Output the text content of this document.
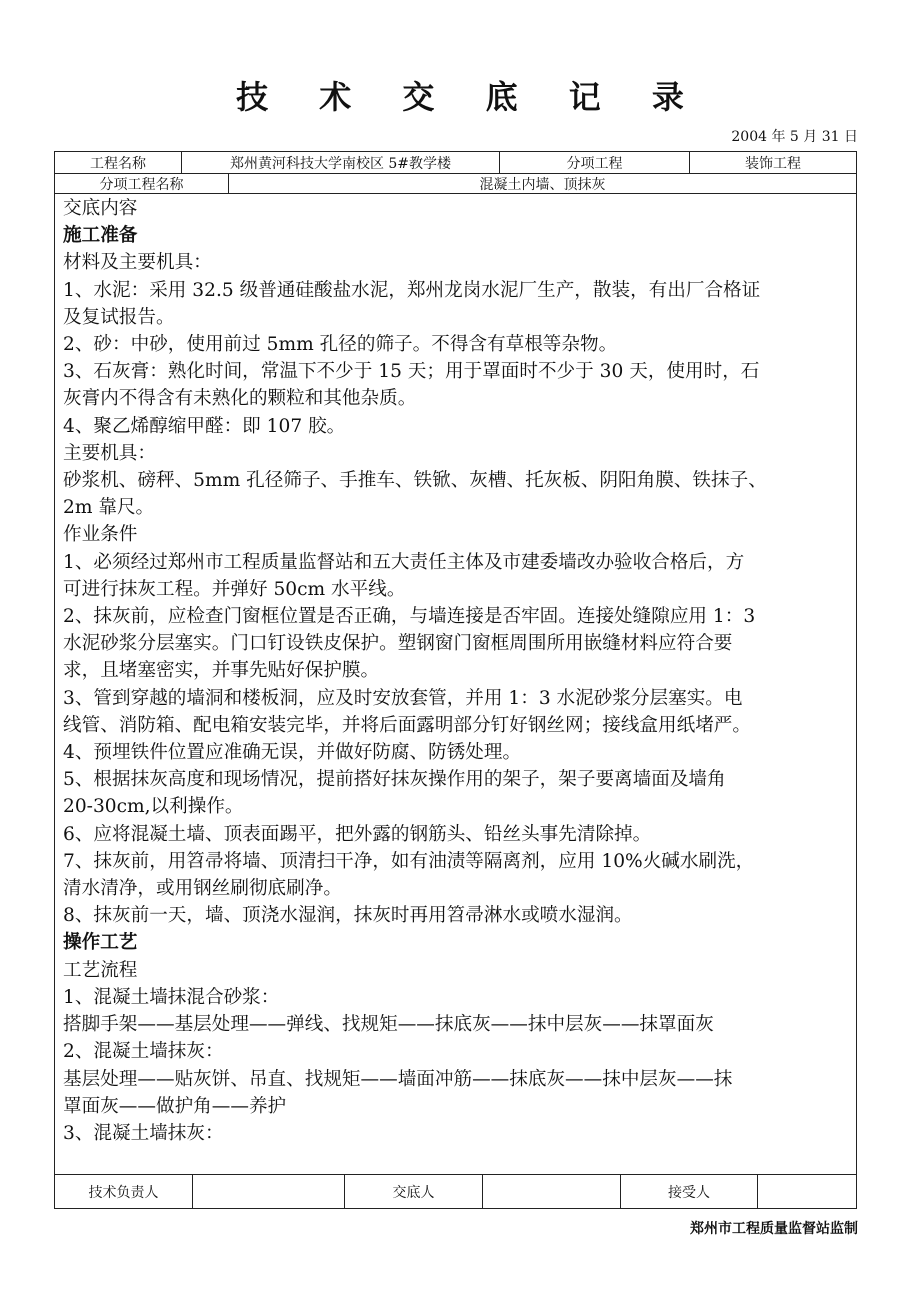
技 术 交 底 记 录
2004 年 5 月 31 日
工程名称	郑州黄河科技大学南校区 5#教学楼	分项工程	装饰工程
分项工程名称	混凝土内墙、顶抹灰

交底内容

施工准备

材料及主要机具：

1、水泥：采用 32.5 级普通硅酸盐水泥，郑州龙岗水泥厂生产，散装，有出厂合格证

及复试报告。

2、砂：中砂，使用前过 5mm 孔径的筛子。不得含有草根等杂物。

3、石灰膏：熟化时间，常温下不少于 15 天；用于罩面时不少于 30 天，使用时，石

灰膏内不得含有未熟化的颗粒和其他杂质。

4、聚乙烯醇缩甲醛：即 107 胶。

主要机具：

砂浆机、磅秤、5mm 孔径筛子、手推车、铁锨、灰槽、托灰板、阴阳角膜、铁抹子、

2m 靠尺。

作业条件

1、必须经过郑州市工程质量监督站和五大责任主体及市建委墙改办验收合格后，方

可进行抹灰工程。并弹好 50cm 水平线。

2、抹灰前，应检查门窗框位置是否正确，与墙连接是否牢固。连接处缝隙应用 1：3

水泥砂浆分层塞实。门口钉设铁皮保护。塑钢窗门窗框周围所用嵌缝材料应符合要

求，且堵塞密实，并事先贴好保护膜。

3、管到穿越的墙洞和楼板洞，应及时安放套管，并用 1：3 水泥砂浆分层塞实。电

线管、消防箱、配电箱安装完毕，并将后面露明部分钉好钢丝网；接线盒用纸堵严。

4、预埋铁件位置应准确无误，并做好防腐、防锈处理。

5、根据抹灰高度和现场情况，提前搭好抹灰操作用的架子，架子要离墙面及墙角

20-30cm,以利操作。

6、应将混凝土墙、顶表面踢平，把外露的钢筋头、铅丝头事先清除掉。

7、抹灰前，用笤帚将墙、顶清扫干净，如有油渍等隔离剂，应用 10%火碱水刷洗，

清水清净，或用钢丝刷彻底刷净。

8、抹灰前一天，墙、顶浇水湿润，抹灰时再用笤帚淋水或喷水湿润。

操作工艺

工艺流程

1、混凝土墙抹混合砂浆：

搭脚手架——基层处理——弹线、找规矩——抹底灰——抹中层灰——抹罩面灰

2、混凝土墙抹灰：

基层处理——贴灰饼、吊直、找规矩——墙面冲筋——抹底灰——抹中层灰——抹

罩面灰——做护角——养护

3、混凝土墙抹灰：

技术负责人	交底人	接受人
郑州市工程质量监督站监制
